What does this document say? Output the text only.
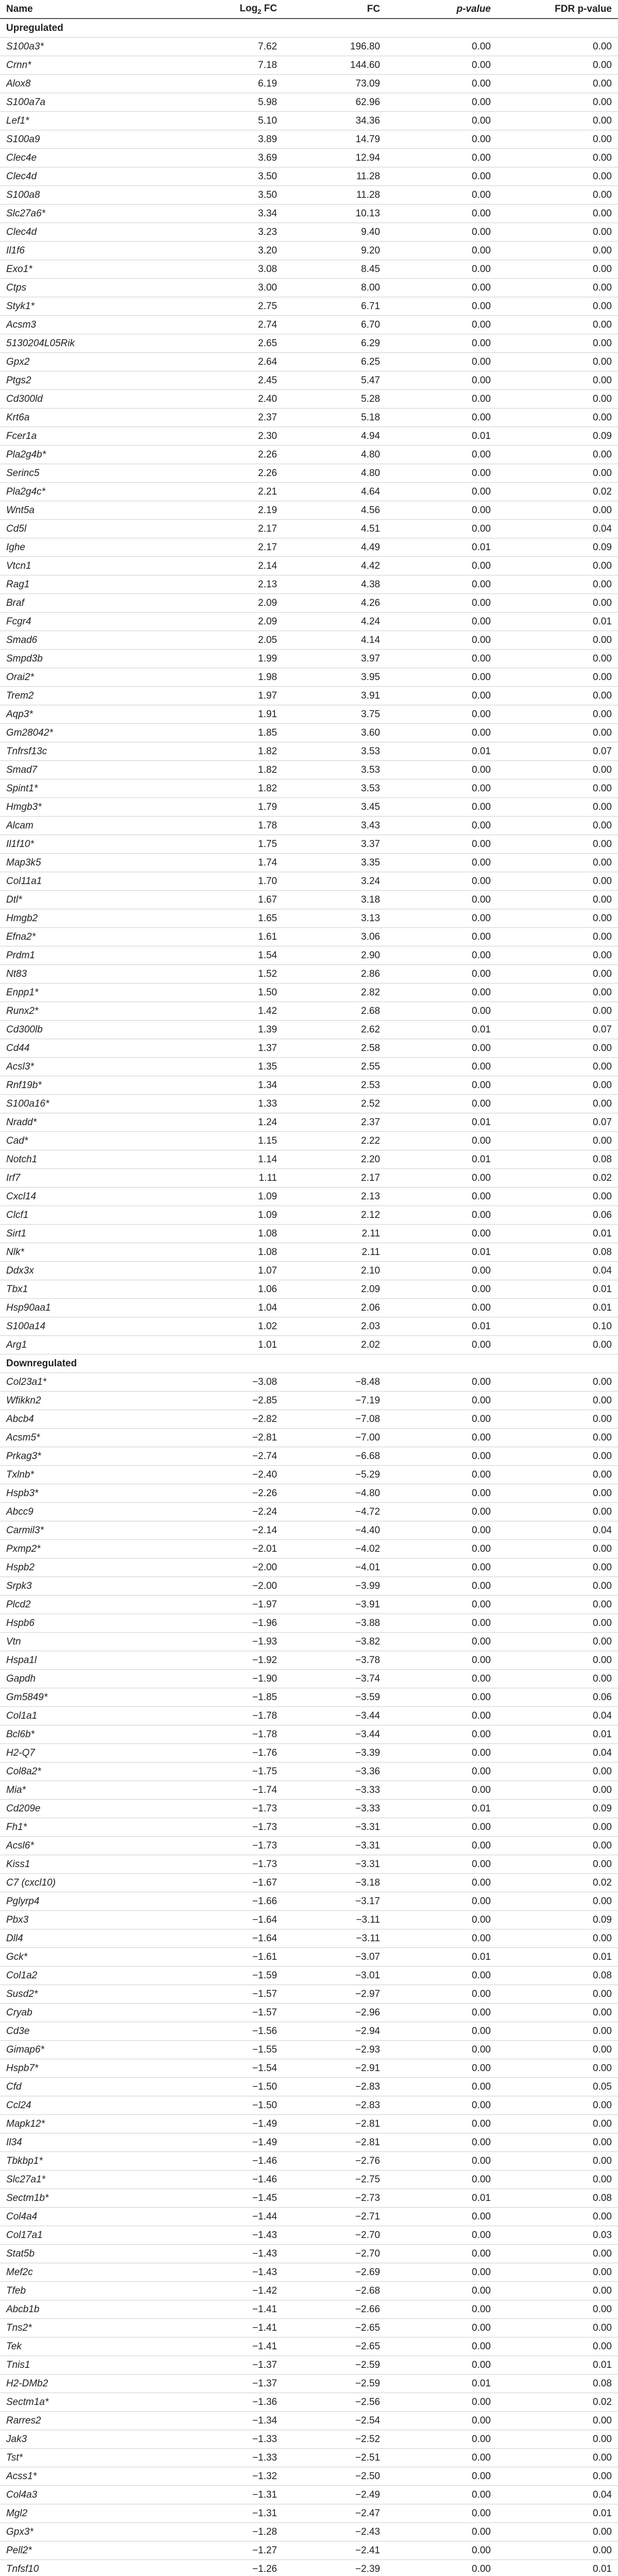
Name	Log$_2$ FC	FC	p-value	FDR p-value
Upregulated				
S100a3*	7.62	196.80	0.00	0.00
Crnn*	7.18	144.60	0.00	0.00
Alox8	6.19	73.09	0.00	0.00
S100a7a	5.98	62.96	0.00	0.00
Lef1*	5.10	34.36	0.00	0.00
S100a9	3.89	14.79	0.00	0.00
Clec4e	3.69	12.94	0.00	0.00
Clec4d	3.50	11.28	0.00	0.00
S100a8	3.50	11.28	0.00	0.00
Slc27a6*	3.34	10.13	0.00	0.00
Clec4d	3.23	9.40	0.00	0.00
Il1f6	3.20	9.20	0.00	0.00
Exo1*	3.08	8.45	0.00	0.00
Ctps	3.00	8.00	0.00	0.00
Styk1*	2.75	6.71	0.00	0.00
Acsm3	2.74	6.70	0.00	0.00
5130204L05Rik	2.65	6.29	0.00	0.00
Gpx2	2.64	6.25	0.00	0.00
Ptgs2	2.45	5.47	0.00	0.00
Cd300ld	2.40	5.28	0.00	0.00
Krt6a	2.37	5.18	0.00	0.00
Fcer1a	2.30	4.94	0.01	0.09
Pla2g4b*	2.26	4.80	0.00	0.00
Serinc5	2.26	4.80	0.00	0.00
Pla2g4c*	2.21	4.64	0.00	0.02
Wnt5a	2.19	4.56	0.00	0.00
Cd5l	2.17	4.51	0.00	0.04
Ighe	2.17	4.49	0.01	0.09
Vtcn1	2.14	4.42	0.00	0.00
Rag1	2.13	4.38	0.00	0.00
Braf	2.09	4.26	0.00	0.00
Fcgr4	2.09	4.24	0.00	0.01
Smad6	2.05	4.14	0.00	0.00
Smpd3b	1.99	3.97	0.00	0.00
Orai2*	1.98	3.95	0.00	0.00
Trem2	1.97	3.91	0.00	0.00
Aqp3*	1.91	3.75	0.00	0.00
Gm28042*	1.85	3.60	0.00	0.00
Tnfrsf13c	1.82	3.53	0.01	0.07
Smad7	1.82	3.53	0.00	0.00
Spint1*	1.82	3.53	0.00	0.00
Hmgb3*	1.79	3.45	0.00	0.00
Alcam	1.78	3.43	0.00	0.00
Il1f10*	1.75	3.37	0.00	0.00
Map3k5	1.74	3.35	0.00	0.00
Col11a1	1.70	3.24	0.00	0.00
Dtl*	1.67	3.18	0.00	0.00
Hmgb2	1.65	3.13	0.00	0.00
Efna2*	1.61	3.06	0.00	0.00
Prdm1	1.54	2.90	0.00	0.00
Nt83	1.52	2.86	0.00	0.00
Enpp1*	1.50	2.82	0.00	0.00
Runx2*	1.42	2.68	0.00	0.00
Cd300lb	1.39	2.62	0.01	0.07
Cd44	1.37	2.58	0.00	0.00
Acsl3*	1.35	2.55	0.00	0.00
Rnf19b*	1.34	2.53	0.00	0.00
S100a16*	1.33	2.52	0.00	0.00
Nradd*	1.24	2.37	0.01	0.07
Cad*	1.15	2.22	0.00	0.00
Notch1	1.14	2.20	0.01	0.08
Irf7	1.11	2.17	0.00	0.02
Cxcl14	1.09	2.13	0.00	0.00
Clcf1	1.09	2.12	0.00	0.06
Sirt1	1.08	2.11	0.00	0.01
Nlk*	1.08	2.11	0.01	0.08
Ddx3x	1.07	2.10	0.00	0.04
Tbx1	1.06	2.09	0.00	0.01
Hsp90aa1	1.04	2.06	0.00	0.01
S100a14	1.02	2.03	0.01	0.10
Arg1	1.01	2.02	0.00	0.00
Downregulated				
Col23a1*	−3.08	−8.48	0.00	0.00
Wfikkn2	−2.85	−7.19	0.00	0.00
Abcb4	−2.82	−7.08	0.00	0.00
Acsm5*	−2.81	−7.00	0.00	0.00
Prkag3*	−2.74	−6.68	0.00	0.00
Txlnb*	−2.40	−5.29	0.00	0.00
Hspb3*	−2.26	−4.80	0.00	0.00
Abcc9	−2.24	−4.72	0.00	0.00
Carmil3*	−2.14	−4.40	0.00	0.04
Pxmp2*	−2.01	−4.02	0.00	0.00
Hspb2	−2.00	−4.01	0.00	0.00
Srpk3	−2.00	−3.99	0.00	0.00
Plcd2	−1.97	−3.91	0.00	0.00
Hspb6	−1.96	−3.88	0.00	0.00
Vtn	−1.93	−3.82	0.00	0.00
Hspa1l	−1.92	−3.78	0.00	0.00
Gapdh	−1.90	−3.74	0.00	0.00
Gm5849*	−1.85	−3.59	0.00	0.06
Col1a1	−1.78	−3.44	0.00	0.04
Bcl6b*	−1.78	−3.44	0.00	0.01
H2-Q7	−1.76	−3.39	0.00	0.04
Col8a2*	−1.75	−3.36	0.00	0.00
Mia*	−1.74	−3.33	0.00	0.00
Cd209e	−1.73	−3.33	0.01	0.09
Fh1*	−1.73	−3.31	0.00	0.00
Acsl6*	−1.73	−3.31	0.00	0.00
Kiss1	−1.73	−3.31	0.00	0.00
C7 (cxcl10)	−1.67	−3.18	0.00	0.02
Pglyrp4	−1.66	−3.17	0.00	0.00
Pbx3	−1.64	−3.11	0.00	0.09
Dll4	−1.64	−3.11	0.00	0.00
Gck*	−1.61	−3.07	0.01	0.01
Col1a2	−1.59	−3.01	0.00	0.08
Susd2*	−1.57	−2.97	0.00	0.00
Cryab	−1.57	−2.96	0.00	0.00
Cd3e	−1.56	−2.94	0.00	0.00
Gimap6*	−1.55	−2.93	0.00	0.00
Hspb7*	−1.54	−2.91	0.00	0.00
Cfd	−1.50	−2.83	0.00	0.05
Ccl24	−1.50	−2.83	0.00	0.00
Mapk12*	−1.49	−2.81	0.00	0.00
Il34	−1.49	−2.81	0.00	0.00
Tbkbp1*	−1.46	−2.76	0.00	0.00
Slc27a1*	−1.46	−2.75	0.00	0.00
Sectm1b*	−1.45	−2.73	0.01	0.08
Col4a4	−1.44	−2.71	0.00	0.00
Col17a1	−1.43	−2.70	0.00	0.03
Stat5b	−1.43	−2.70	0.00	0.00
Mef2c	−1.43	−2.69	0.00	0.00
Tfeb	−1.42	−2.68	0.00	0.00
Abcb1b	−1.41	−2.66	0.00	0.00
Tns2*	−1.41	−2.65	0.00	0.00
Tek	−1.41	−2.65	0.00	0.00
Tnis1	−1.37	−2.59	0.00	0.01
H2-DMb2	−1.37	−2.59	0.01	0.08
Sectm1a*	−1.36	−2.56	0.00	0.02
Rarres2	−1.34	−2.54	0.00	0.00
Jak3	−1.33	−2.52	0.00	0.00
Tst*	−1.33	−2.51	0.00	0.00
Acss1*	−1.32	−2.50	0.00	0.00
Col4a3	−1.31	−2.49	0.00	0.04
Mgl2	−1.31	−2.47	0.00	0.01
Gpx3*	−1.28	−2.43	0.00	0.00
Pell2*	−1.27	−2.41	0.00	0.00
Tnfsf10	−1.26	−2.39	0.00	0.01
